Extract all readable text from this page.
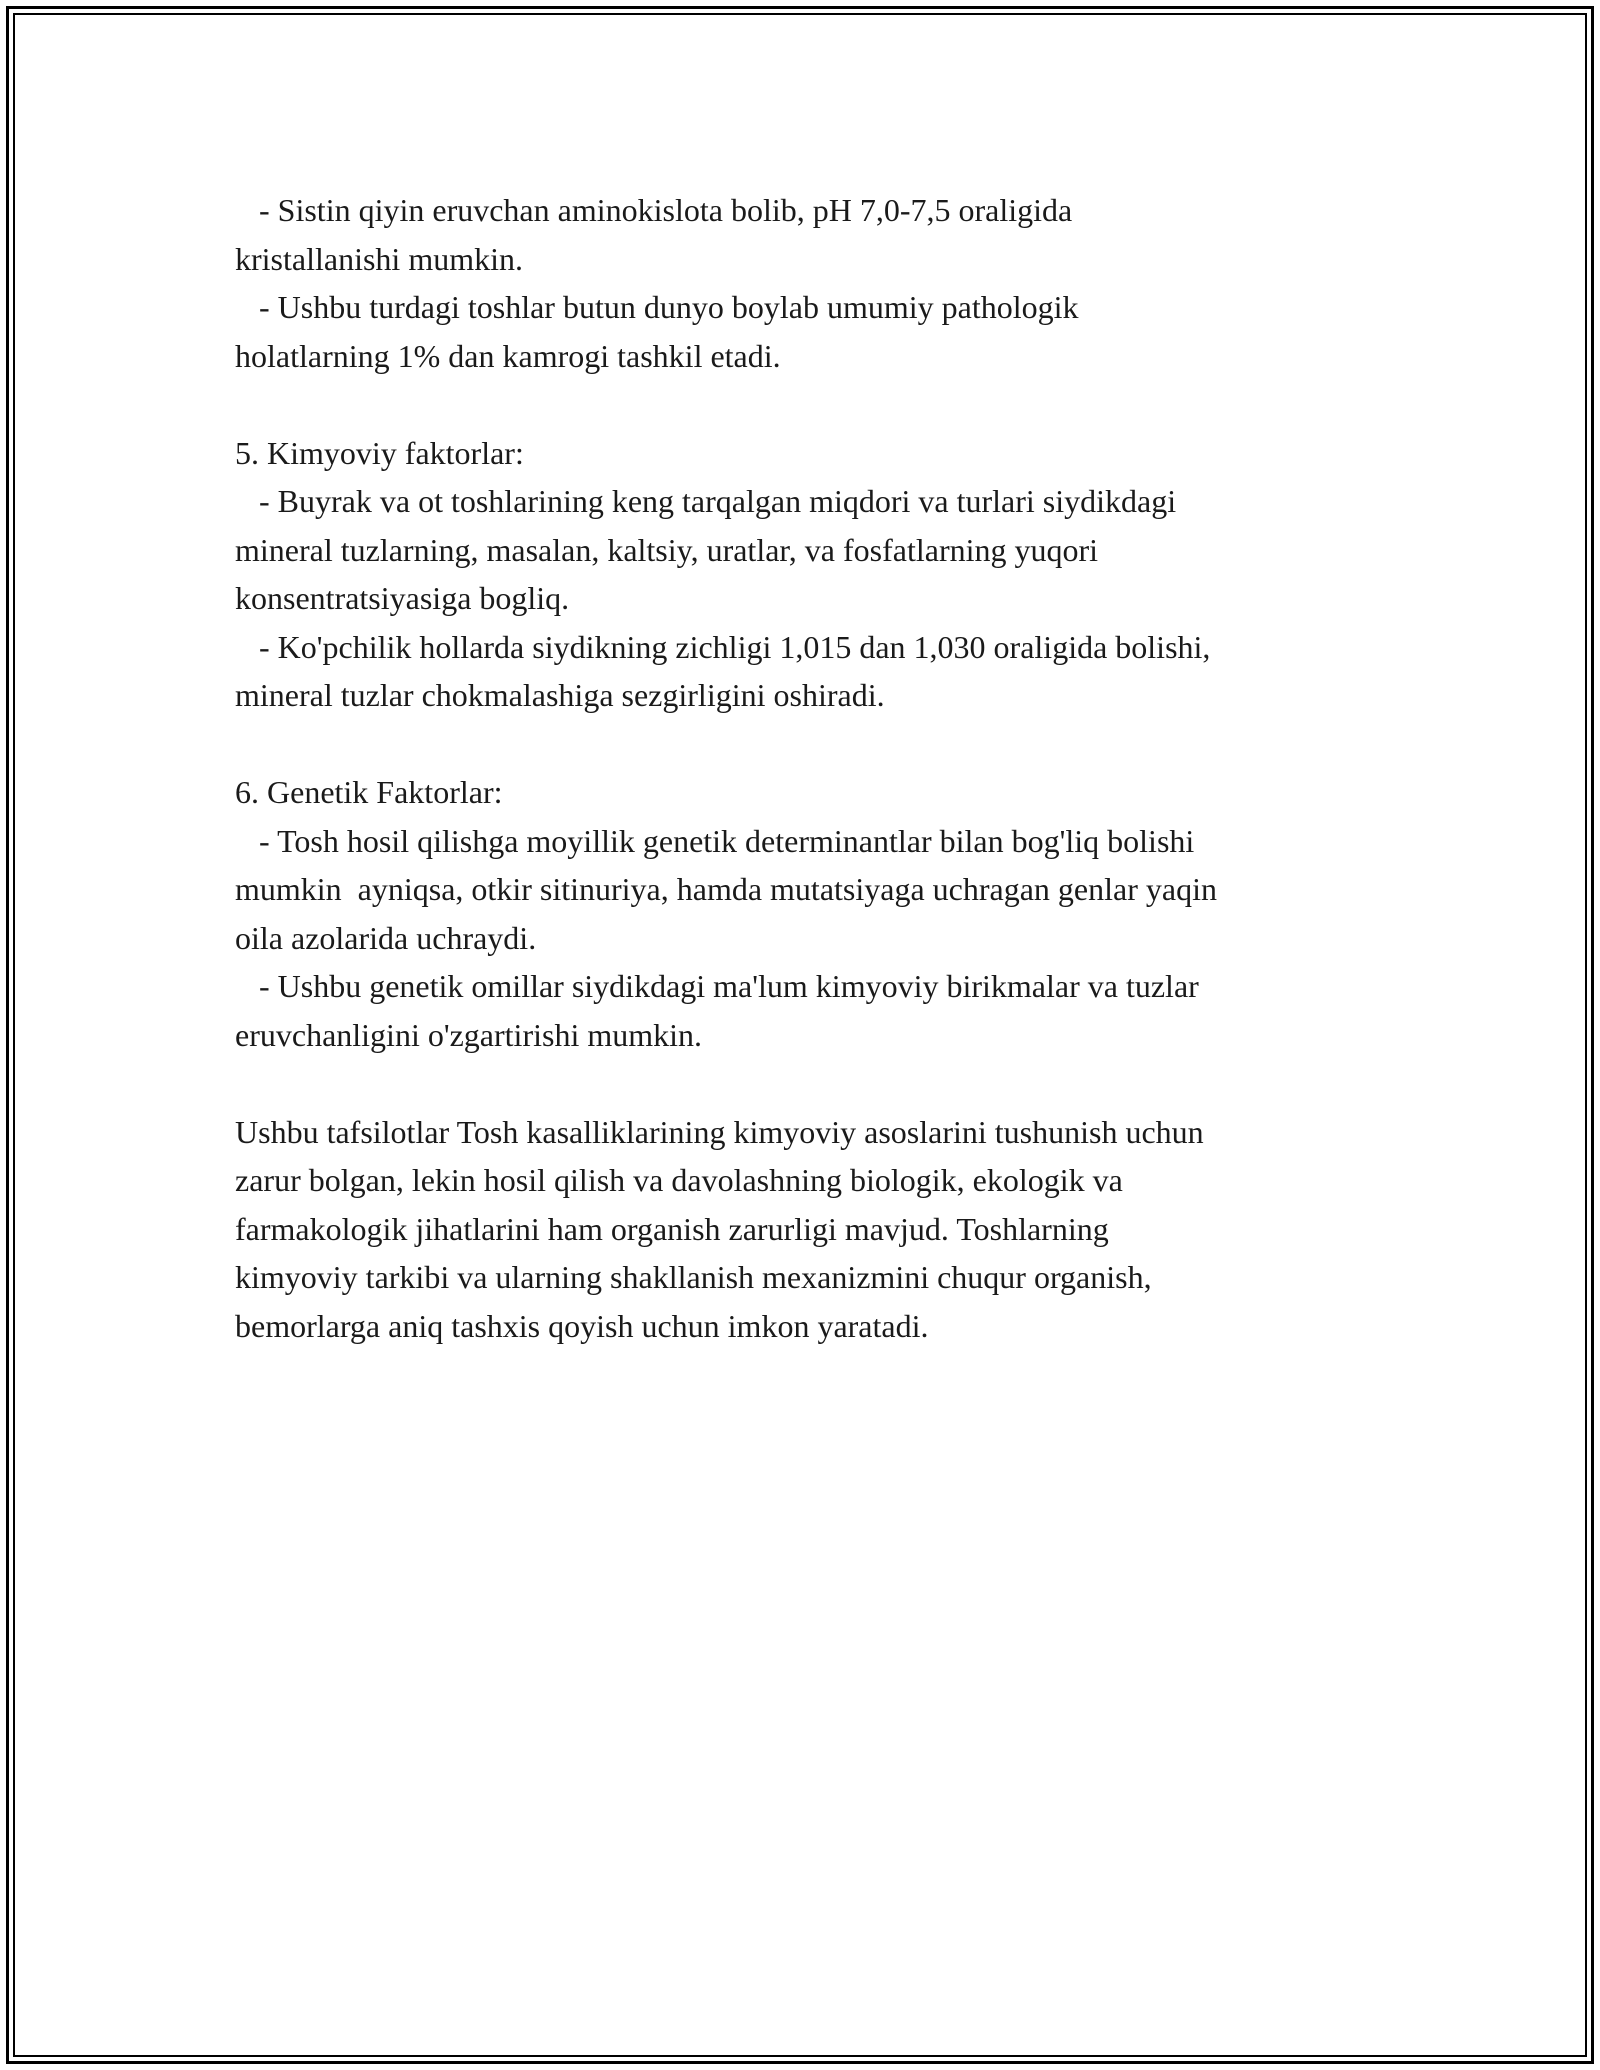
- Sistin qiyin eruvchan aminokislota bolib, pH 7,0-7,5 oraligida
kristallanishi mumkin.
- Ushbu turdagi toshlar butun dunyo boylab umumiy pathologik
holatlarning 1% dan kamrogi tashkil etadi.
5. Kimyoviy faktorlar:
- Buyrak va ot toshlarining keng tarqalgan miqdori va turlari siydikdagi
mineral tuzlarning, masalan, kaltsiy, uratlar, va fosfatlarning yuqori
konsentratsiyasiga bogliq.
- Ko'pchilik hollarda siydikning zichligi 1,015 dan 1,030 oraligida bolishi,
mineral tuzlar chokmalashiga sezgirligini oshiradi.
6. Genetik Faktorlar:
- Tosh hosil qilishga moyillik genetik determinantlar bilan bog'liq bolishi
mumkin  ayniqsa, otkir sitinuriya, hamda mutatsiyaga uchragan genlar yaqin
oila azolarida uchraydi.
- Ushbu genetik omillar siydikdagi ma'lum kimyoviy birikmalar va tuzlar
eruvchanligini o'zgartirishi mumkin.
Ushbu tafsilotlar Tosh kasalliklarining kimyoviy asoslarini tushunish uchun
zarur bolgan, lekin hosil qilish va davolashning biologik, ekologik va
farmakologik jihatlarini ham organish zarurligi mavjud. Toshlarning
kimyoviy tarkibi va ularning shakllanish mexanizmini chuqur organish,
bemorlarga aniq tashxis qoyish uchun imkon yaratadi.
